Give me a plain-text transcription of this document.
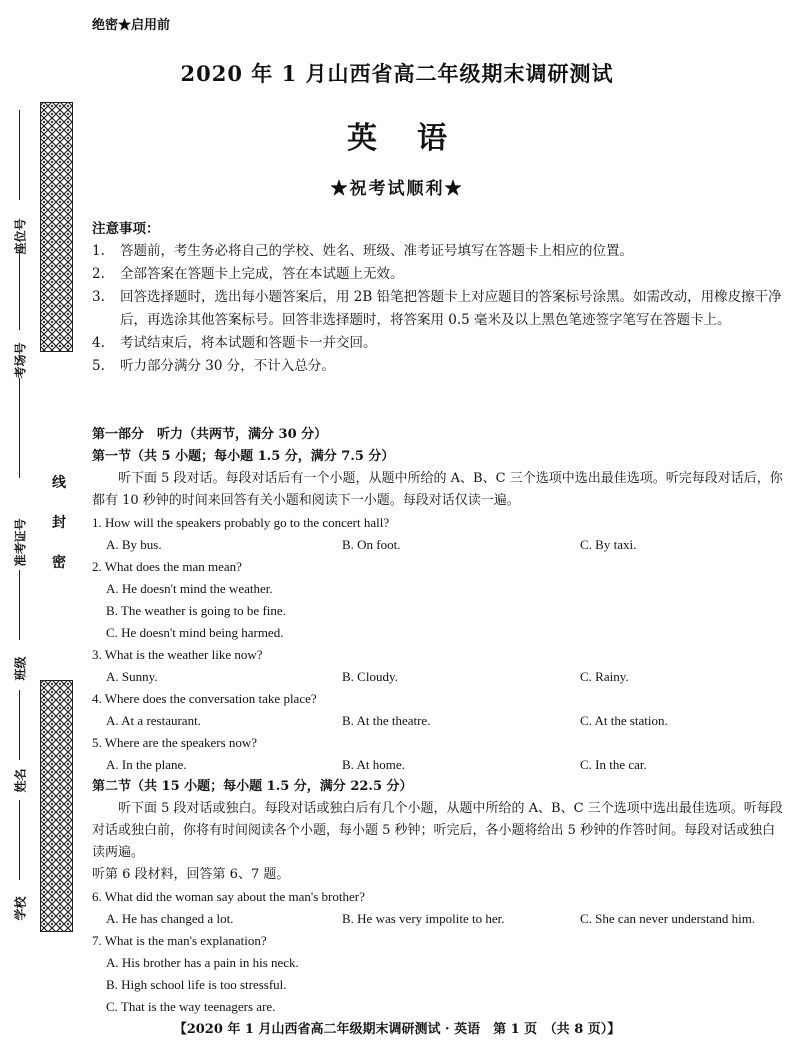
座位号
考场号
准考证号
班级
姓名
学校
线
封
密
绝密★启用前
2020 年 1 月山西省高二年级期末调研测试
英语
★祝考试顺利★
注意事项：
1. 答题前，考生务必将自己的学校、姓名、班级、准考证号填写在答题卡上相应的位置。
2. 全部答案在答题卡上完成，答在本试题上无效。
3. 回答选择题时，选出每小题答案后，用 2B 铅笔把答题卡上对应题目的答案标号涂黑。如需改动，用橡皮擦干净后，再选涂其他答案标号。回答非选择题时，将答案用 0.5 毫米及以上黑色笔迹签字笔写在答题卡上。
4. 考试结束后，将本试题和答题卡一并交回。
5. 听力部分满分 30 分，不计入总分。
第一部分　听力（共两节，满分 30 分）
第一节（共 5 小题；每小题 1.5 分，满分 7.5 分）
听下面 5 段对话。每段对话后有一个小题，从题中所给的 A、B、C 三个选项中选出最佳选项。听完每段对话后，你都有 10 秒钟的时间来回答有关小题和阅读下一小题。每段对话仅读一遍。
1. How will the speakers probably go to the concert hall?
A. By bus.	B. On foot.	C. By taxi.
2. What does the man mean?
A. He doesn't mind the weather.
B. The weather is going to be fine.
C. He doesn't mind being harmed.
3. What is the weather like now?
A. Sunny.	B. Cloudy.	C. Rainy.
4. Where does the conversation take place?
A. At a restaurant.	B. At the theatre.	C. At the station.
5. Where are the speakers now?
A. In the plane.	B. At home.	C. In the car.
第二节（共 15 小题；每小题 1.5 分，满分 22.5 分）
听下面 5 段对话或独白。每段对话或独白后有几个小题，从题中所给的 A、B、C 三个选项中选出最佳选项。听每段对话或独白前，你将有时间阅读各个小题，每小题 5 秒钟；听完后，各小题将给出 5 秒钟的作答时间。每段对话或独白读两遍。
听第 6 段材料，回答第 6、7 题。
6. What did the woman say about the man's brother?
A. He has changed a lot.	B. He was very impolite to her.	C. She can never understand him.
7. What is the man's explanation?
A. His brother has a pain in his neck.
B. High school life is too stressful.
C. That is the way teenagers are.
【2020 年 1 月山西省高二年级期末调研测试 · 英语　第 1 页　（共 8 页）】
